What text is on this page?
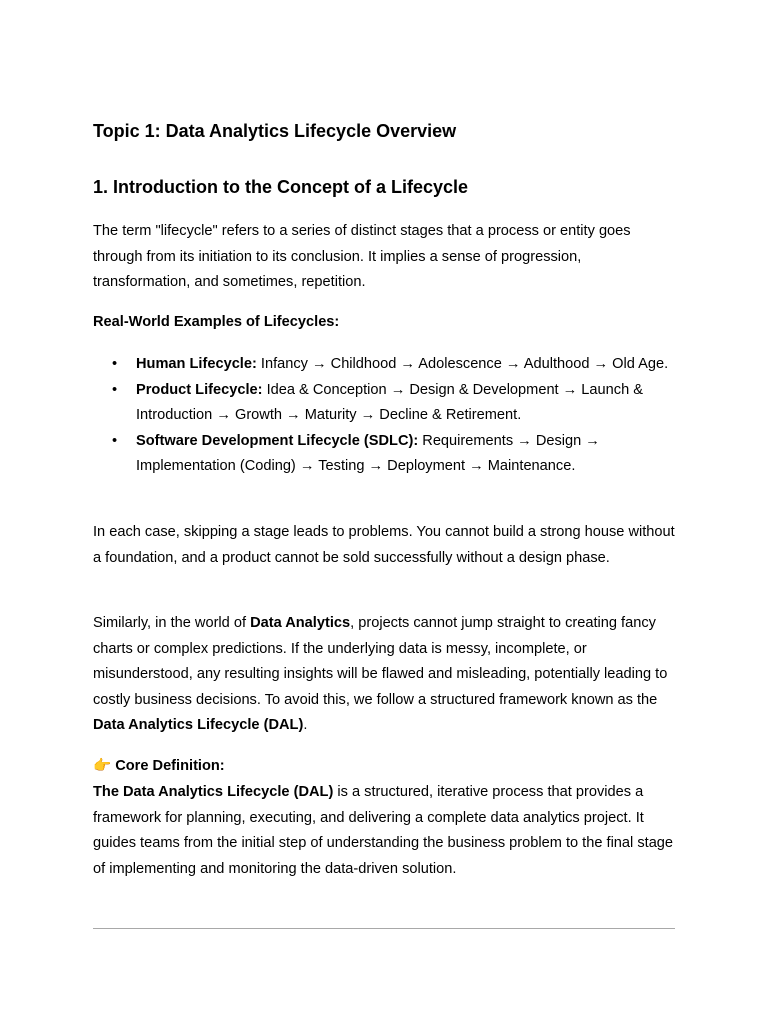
Topic 1: Data Analytics Lifecycle Overview
1. Introduction to the Concept of a Lifecycle

The term "lifecycle" refers to a series of distinct stages that a process or entity goes through from its initiation to its conclusion. It implies a sense of progression, transformation, and sometimes, repetition.

Real-World Examples of Lifecycles:

• Human Lifecycle: Infancy → Childhood → Adolescence → Adulthood → Old Age.
• Product Lifecycle: Idea & Conception → Design & Development → Launch & Introduction → Growth → Maturity → Decline & Retirement.
• Software Development Lifecycle (SDLC): Requirements → Design → Implementation (Coding) → Testing → Deployment → Maintenance.

In each case, skipping a stage leads to problems. You cannot build a strong house without a foundation, and a product cannot be sold successfully without a design phase.

Similarly, in the world of Data Analytics, projects cannot jump straight to creating fancy charts or complex predictions. If the underlying data is messy, incomplete, or misunderstood, any resulting insights will be flawed and misleading, potentially leading to costly business decisions. To avoid this, we follow a structured framework known as the Data Analytics Lifecycle (DAL).

👉 Core Definition:

The Data Analytics Lifecycle (DAL) is a structured, iterative process that provides a framework for planning, executing, and delivering a complete data analytics project. It guides teams from the initial step of understanding the business problem to the final stage of implementing and monitoring the data-driven solution.
